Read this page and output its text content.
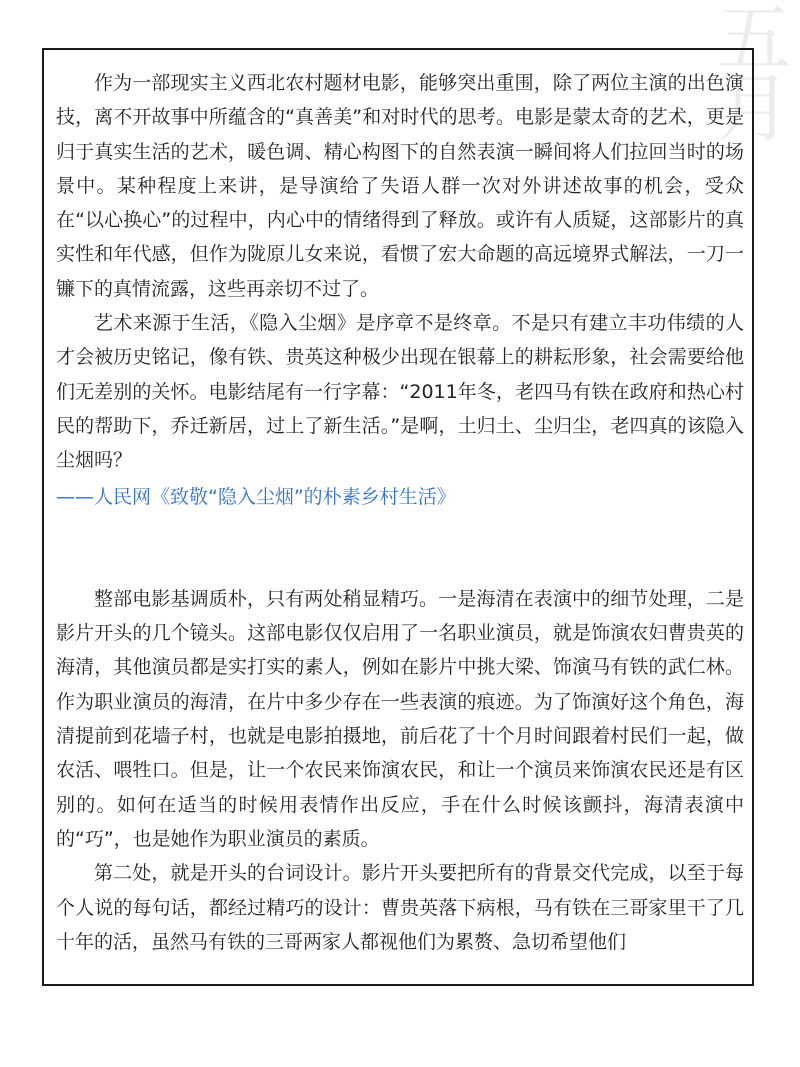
五
月

作为一部现实主义西北农村题材电影，能够突出重围，除了两位主演的出色演技，离不开故事中所蕴含的“真善美”和对时代的思考。电影是蒙太奇的艺术，更是归于真实生活的艺术，暖色调、精心构图下的自然表演一瞬间将人们拉回当时的场景中。某种程度上来讲，是导演给了失语人群一次对外讲述故事的机会，受众在“以心换心”的过程中，内心中的情绪得到了释放。或许有人质疑，这部影片的真实性和年代感，但作为陇原儿女来说，看惯了宏大命题的高远境界式解法，一刀一镰下的真情流露，这些再亲切不过了。

艺术来源于生活，《隐入尘烟》是序章不是终章。不是只有建立丰功伟绩的人才会被历史铭记，像有铁、贵英这种极少出现在银幕上的耕耘形象，社会需要给他们无差别的关怀。电影结尾有一行字幕：“2011年冬，老四马有铁在政府和热心村民的帮助下，乔迁新居，过上了新生活。”是啊，土归土、尘归尘，老四真的该隐入尘烟吗？

——人民网《致敬“隐入尘烟”的朴素乡村生活》

整部电影基调质朴，只有两处稍显精巧。一是海清在表演中的细节处理，二是影片开头的几个镜头。这部电影仅仅启用了一名职业演员，就是饰演农妇曹贵英的海清，其他演员都是实打实的素人，例如在影片中挑大梁、饰演马有铁的武仁林。作为职业演员的海清，在片中多少存在一些表演的痕迹。为了饰演好这个角色，海清提前到花墙子村，也就是电影拍摄地，前后花了十个月时间跟着村民们一起，做农活、喂牲口。但是，让一个农民来饰演农民，和让一个演员来饰演农民还是有区别的。如何在适当的时候用表情作出反应，手在什么时候该颤抖，海清表演中的“巧”，也是她作为职业演员的素质。

第二处，就是开头的台词设计。影片开头要把所有的背景交代完成，以至于每个人说的每句话，都经过精巧的设计：曹贵英落下病根，马有铁在三哥家里干了几十年的活，虽然马有铁的三哥两家人都视他们为累赘、急切希望他们
